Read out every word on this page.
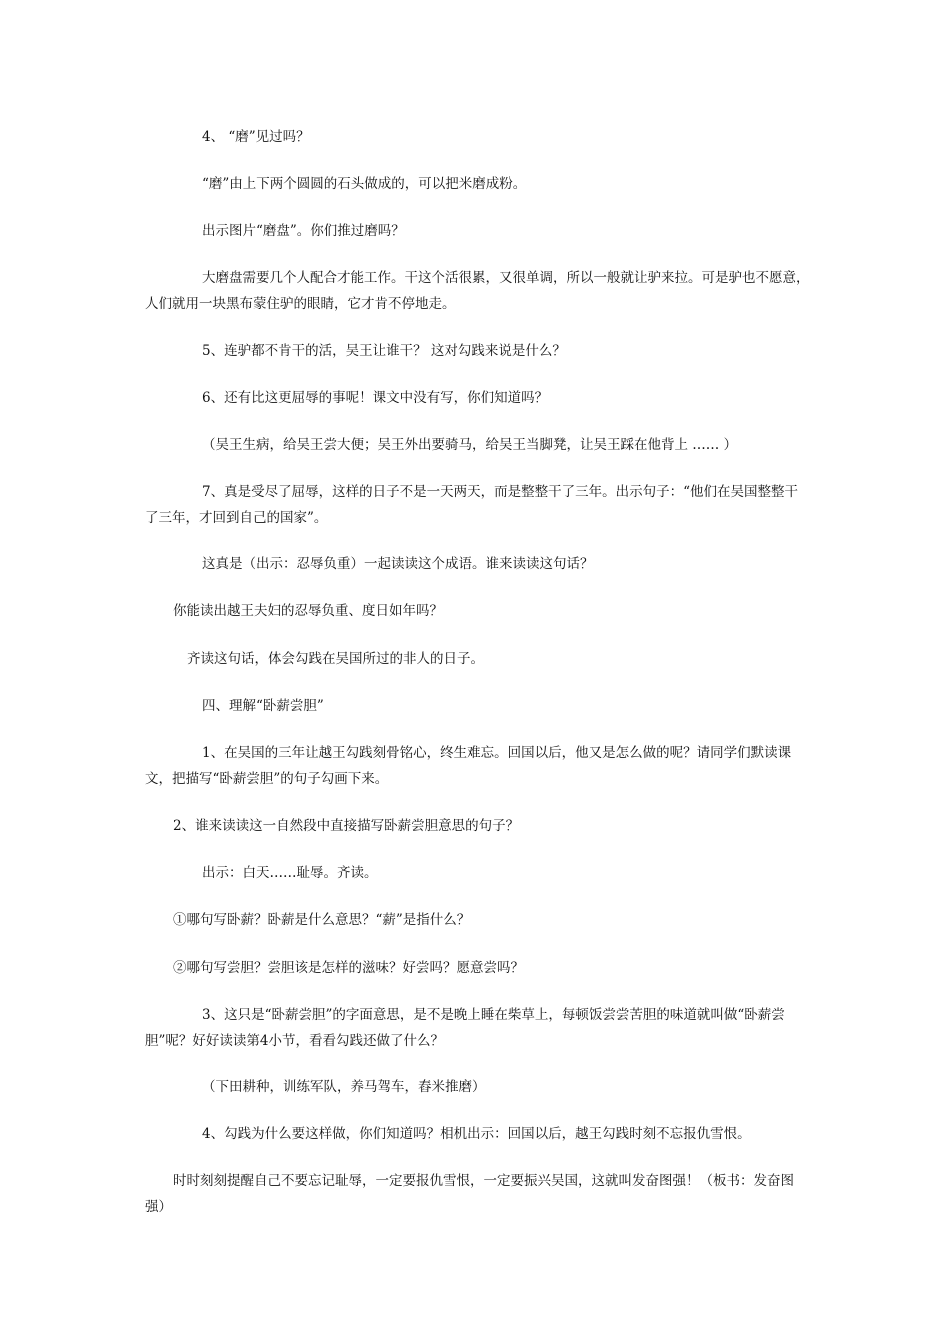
4、 “磨”见过吗？

“磨”由上下两个圆圆的石头做成的，可以把米磨成粉。

出示图片“磨盘”。你们推过磨吗？

大磨盘需要几个人配合才能工作。干这个活很累，又很单调，所以一般就让驴来拉。可是驴也不愿意，人们就用一块黑布蒙住驴的眼睛，它才肯不停地走。

5、连驴都不肯干的活，吴王让谁干？ 这对勾践来说是什么？

6、还有比这更屈辱的事呢！课文中没有写，你们知道吗？

（吴王生病，给吴王尝大便；吴王外出要骑马，给吴王当脚凳，让吴王踩在他背上 …… ）

7、真是受尽了屈辱，这样的日子不是一天两天，而是整整干了三年。出示句子：“他们在吴国整整干了三年，才回到自己的国家”。

这真是（出示：忍辱负重）一起读读这个成语。谁来读读这句话？

你能读出越王夫妇的忍辱负重、度日如年吗？

齐读这句话，体会勾践在吴国所过的非人的日子。

四、理解“卧薪尝胆”

1、在吴国的三年让越王勾践刻骨铭心，终生难忘。回国以后，他又是怎么做的呢？请同学们默读课文，把描写“卧薪尝胆”的句子勾画下来。

2、谁来读读这一自然段中直接描写卧薪尝胆意思的句子？

出示：白天……耻辱。齐读。

①哪句写卧薪？卧薪是什么意思？“薪”是指什么？

②哪句写尝胆？尝胆该是怎样的滋味？好尝吗？愿意尝吗？

3、这只是“卧薪尝胆”的字面意思，是不是晚上睡在柴草上，每顿饭尝尝苦胆的味道就叫做“卧薪尝胆”呢？好好读读第4小节，看看勾践还做了什么？

（下田耕种，训练军队，养马驾车，舂米推磨）

4、勾践为什么要这样做，你们知道吗？相机出示：回国以后，越王勾践时刻不忘报仇雪恨。

时时刻刻提醒自己不要忘记耻辱，一定要报仇雪恨，一定要振兴吴国，这就叫发奋图强！（板书：发奋图强）
